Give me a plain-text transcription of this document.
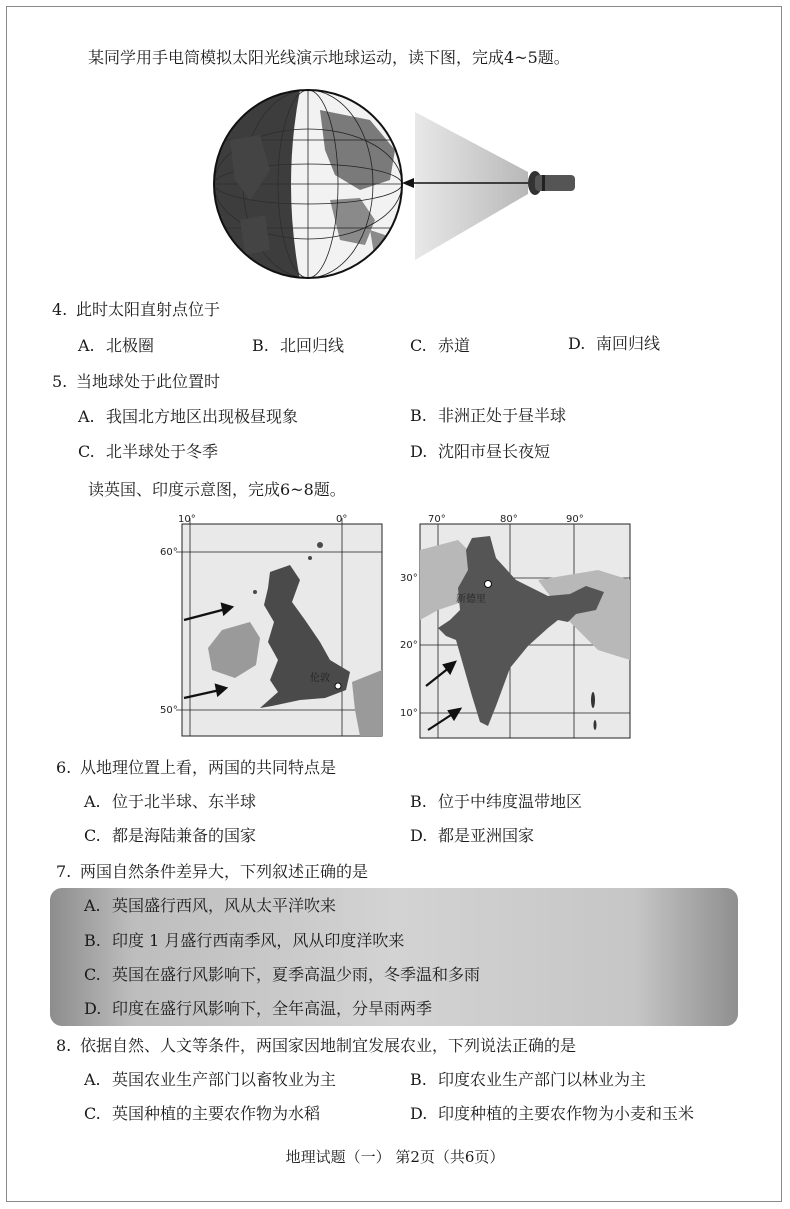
某同学用手电筒模拟太阳光线演示地球运动，读下图，完成4~5题。
4. 此时太阳直射点位于
A. 北极圈	B. 北回归线	C. 赤道	D. 南回归线
5. 当地球处于此位置时
A. 我国北方地区出现极昼现象	B. 非洲正处于昼半球
C. 北半球处于冬季	D. 沈阳市昼长夜短
读英国、印度示意图，完成6~8题。
10°	0°
60°
50°
伦敦
70°	80°	90°
30°
20°
10°
新德里
6. 从地理位置上看，两国的共同特点是
A. 位于北半球、东半球	B. 位于中纬度温带地区
C. 都是海陆兼备的国家	D. 都是亚洲国家
7. 两国自然条件差异大，下列叙述正确的是
A. 英国盛行西风，风从太平洋吹来
B. 印度 1 月盛行西南季风，风从印度洋吹来
C. 英国在盛行风影响下，夏季高温少雨，冬季温和多雨
D. 印度在盛行风影响下，全年高温，分旱雨两季
8. 依据自然、人文等条件，两国家因地制宜发展农业，下列说法正确的是
A. 英国农业生产部门以畜牧业为主	B. 印度农业生产部门以林业为主
C. 英国种植的主要农作物为水稻	D. 印度种植的主要农作物为小麦和玉米
地理试题（一） 第2页（共6页）
